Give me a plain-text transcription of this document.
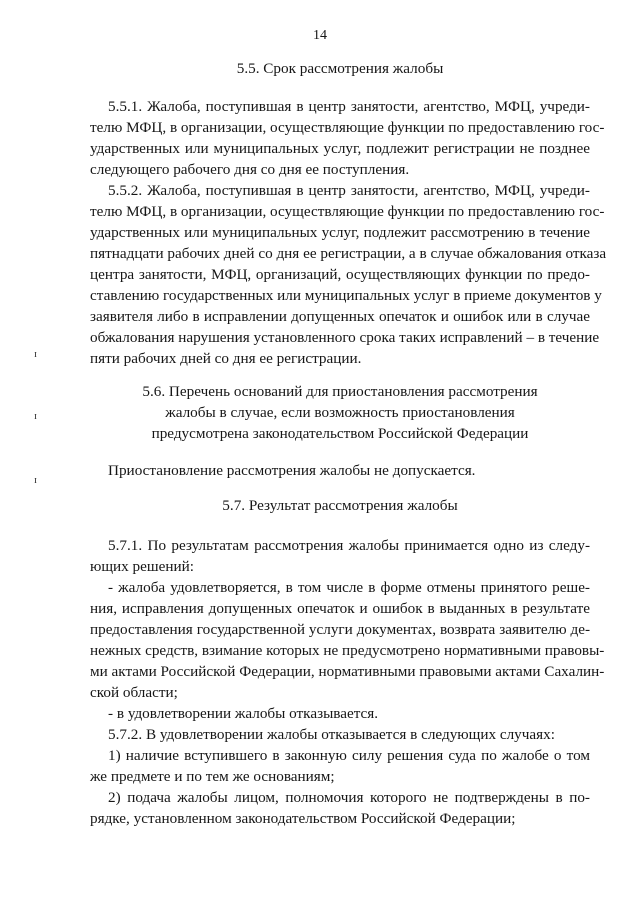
14
5.5. Срок рассмотрения жалобы
5.5.1. Жалоба, поступившая в центр занятости, агентство, МФЦ, учреди-
телю МФЦ, в организации, осуществляющие функции по предоставлению гос-
ударственных или муниципальных услуг, подлежит регистрации не позднее
следующего рабочего дня со дня ее поступления.
5.5.2. Жалоба, поступившая в центр занятости, агентство, МФЦ, учреди-
телю МФЦ, в организации, осуществляющие функции по предоставлению гос-
ударственных или муниципальных услуг, подлежит рассмотрению в течение
пятнадцати рабочих дней со дня ее регистрации, а в случае обжалования отказа
центра занятости, МФЦ, организаций, осуществляющих функции по предо-
ставлению государственных или муниципальных услуг в приеме документов у
заявителя либо в исправлении допущенных опечаток и ошибок или в случае
обжалования нарушения установленного срока таких исправлений – в течение
пяти рабочих дней со дня ее регистрации.
5.6. Перечень оснований для приостановления рассмотрения
жалобы в случае, если возможность приостановления
предусмотрена законодательством Российской Федерации
Приостановление рассмотрения жалобы не допускается.
5.7. Результат рассмотрения жалобы
5.7.1. По результатам рассмотрения жалобы принимается одно из следу-
ющих решений:
- жалоба удовлетворяется, в том числе в форме отмены принятого реше-
ния, исправления допущенных опечаток и ошибок в выданных в результате
предоставления государственной услуги документах, возврата заявителю де-
нежных средств, взимание которых не предусмотрено нормативными правовы-
ми актами Российской Федерации, нормативными правовыми актами Сахалин-
ской области;
- в удовлетворении жалобы отказывается.
5.7.2. В удовлетворении жалобы отказывается в следующих случаях:
1) наличие вступившего в законную силу решения суда по жалобе о том
же предмете и по тем же основаниям;
2) подача жалобы лицом, полномочия которого не подтверждены в по-
рядке, установленном законодательством Российской Федерации;
ɪ
ɪ
ɪ
